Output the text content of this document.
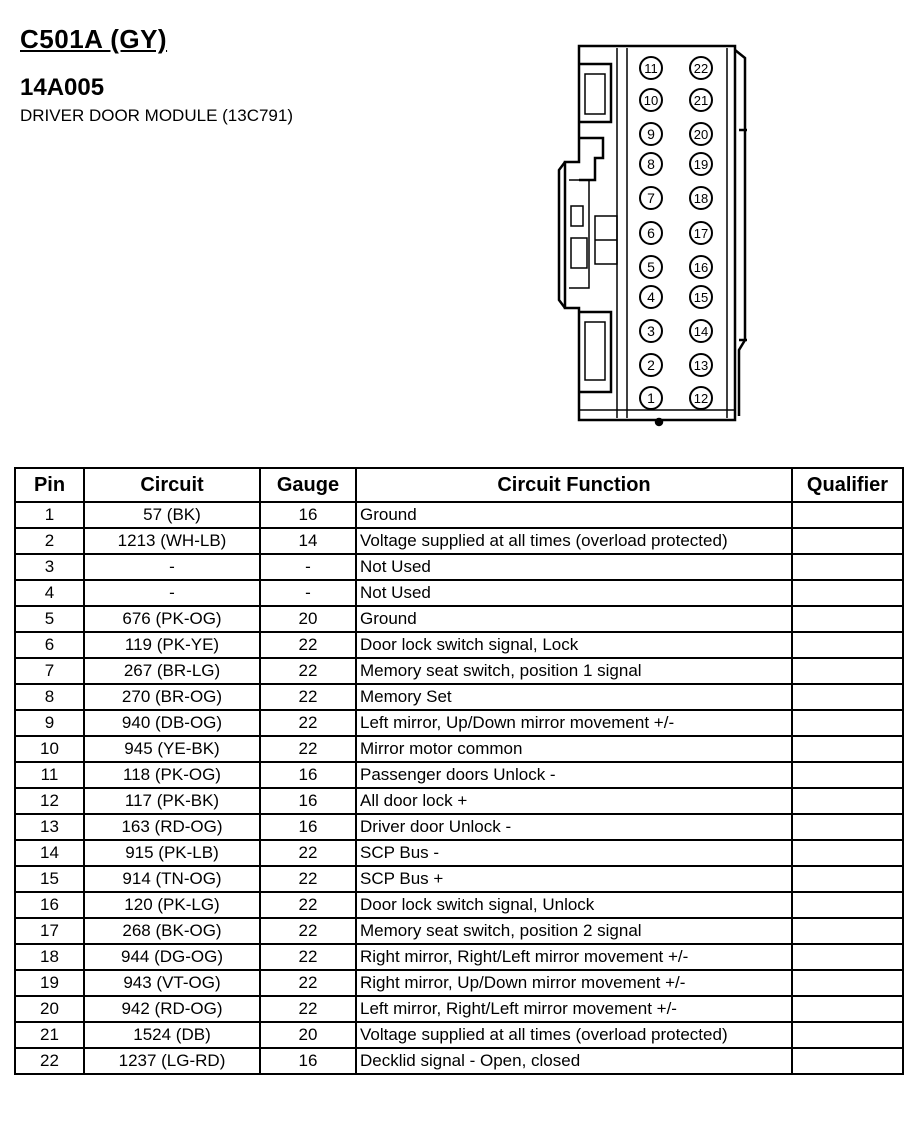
C501A (GY)
14A005
DRIVER DOOR MODULE (13C791)
11
10
9
8
7
6
5
4
3
2
1
22
21
20
19
18
17
16
15
14
13
12
Pin	Circuit	Gauge	Circuit Function	Qualifier
1	57 (BK)	16	Ground	
2	1213 (WH-LB)	14	Voltage supplied at all times (overload protected)	
3	-	-	Not Used	
4	-	-	Not Used	
5	676 (PK-OG)	20	Ground	
6	119 (PK-YE)	22	Door lock switch signal, Lock	
7	267 (BR-LG)	22	Memory seat switch, position 1 signal	
8	270 (BR-OG)	22	Memory Set	
9	940 (DB-OG)	22	Left mirror, Up/Down mirror movement +/-	
10	945 (YE-BK)	22	Mirror motor common	
11	118 (PK-OG)	16	Passenger doors Unlock -	
12	117 (PK-BK)	16	All door lock +	
13	163 (RD-OG)	16	Driver door Unlock -	
14	915 (PK-LB)	22	SCP Bus -	
15	914 (TN-OG)	22	SCP Bus +	
16	120 (PK-LG)	22	Door lock switch signal, Unlock	
17	268 (BK-OG)	22	Memory seat switch, position 2 signal	
18	944 (DG-OG)	22	Right mirror, Right/Left mirror movement +/-	
19	943 (VT-OG)	22	Right mirror, Up/Down mirror movement +/-	
20	942 (RD-OG)	22	Left mirror, Right/Left mirror movement +/-	
21	1524 (DB)	20	Voltage supplied at all times (overload protected)	
22	1237 (LG-RD)	16	Decklid signal - Open, closed	
